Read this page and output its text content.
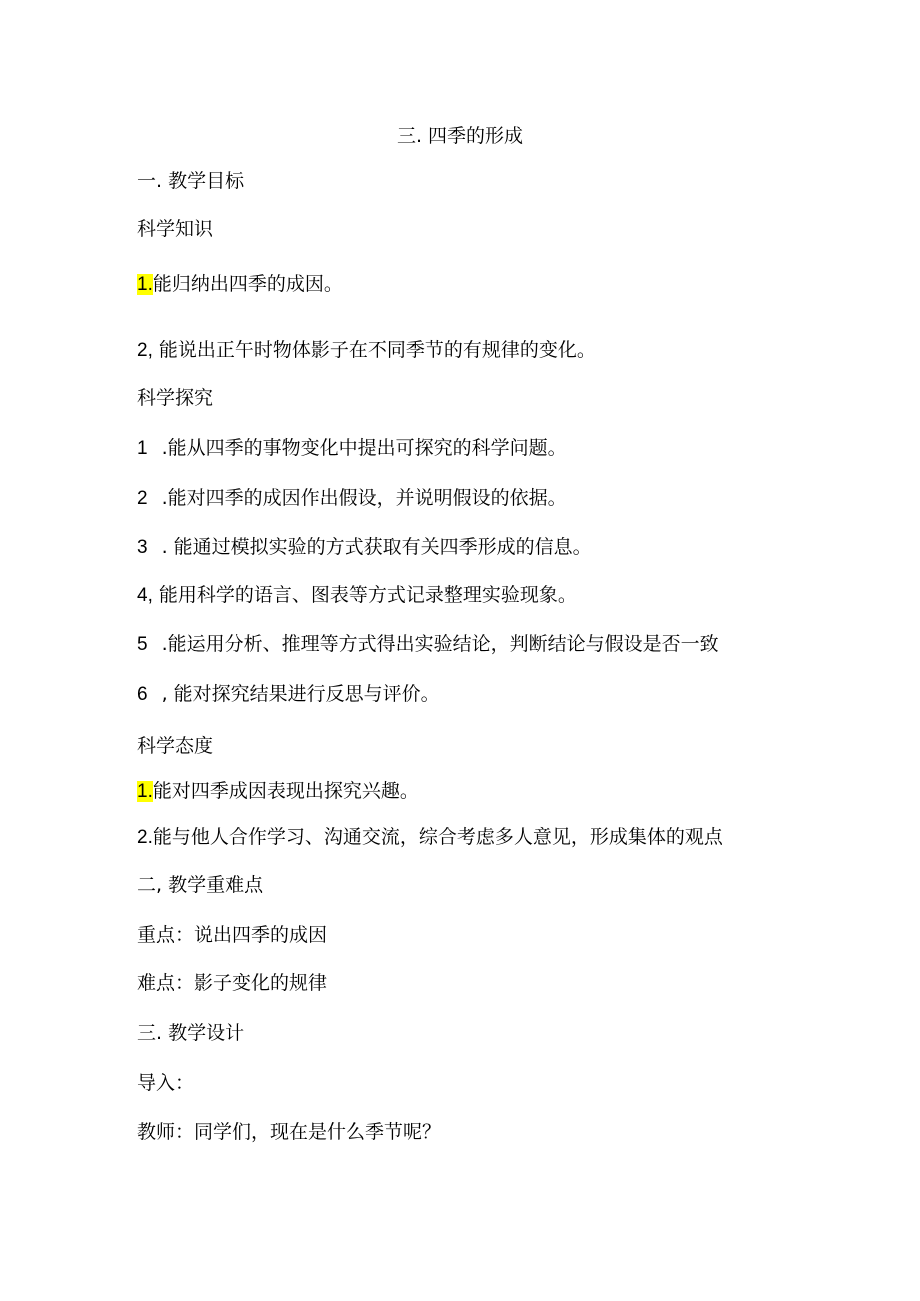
三. 四季的形成
一. 教学目标
科学知识
1.能归纳出四季的成因。
2, 能说出正午时物体影子在不同季节的有规律的变化。
科学探究
1 .能从四季的事物变化中提出可探究的科学问题。
2 .能对四季的成因作出假设，并说明假设的依据。
3 . 能通过模拟实验的方式获取有关四季形成的信息。
4, 能用科学的语言、图表等方式记录整理实验现象。
5 .能运用分析、推理等方式得出实验结论，判断结论与假设是否一致
6 , 能对探究结果进行反思与评价。
科学态度
1.能对四季成因表现出探究兴趣。
2.能与他人合作学习、沟通交流，综合考虑多人意见，形成集体的观点
二, 教学重难点
重点：说出四季的成因
难点：影子变化的规律
三. 教学设计
导入：
教师：同学们，现在是什么季节呢？
